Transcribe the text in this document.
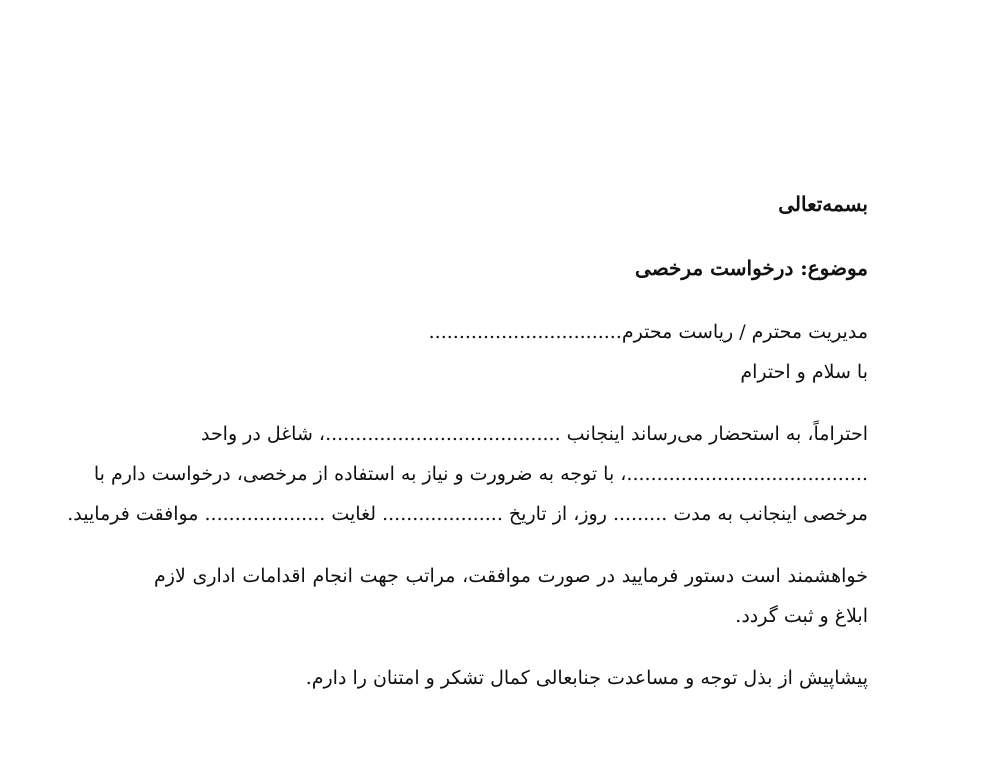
بسمه‌تعالی
موضوع: درخواست مرخصی
مدیریت محترم / ریاست محترم................................
با سلام و احترام
احتراماً، به استحضار می‌رساند اینجانب .......................................، شاغل در واحد
........................................، با توجه به ضرورت و نیاز به استفاده از مرخصی، درخواست دارم با
مرخصی اینجانب به مدت ......... روز، از تاریخ .................... لغایت .................... موافقت فرمایید.
خواهشمند است دستور فرمایید در صورت موافقت، مراتب جهت انجام اقدامات اداری لازم
ابلاغ و ثبت گردد.
پیشاپیش از بذل توجه و مساعدت جنابعالی کمال تشکر و امتنان را دارم.
